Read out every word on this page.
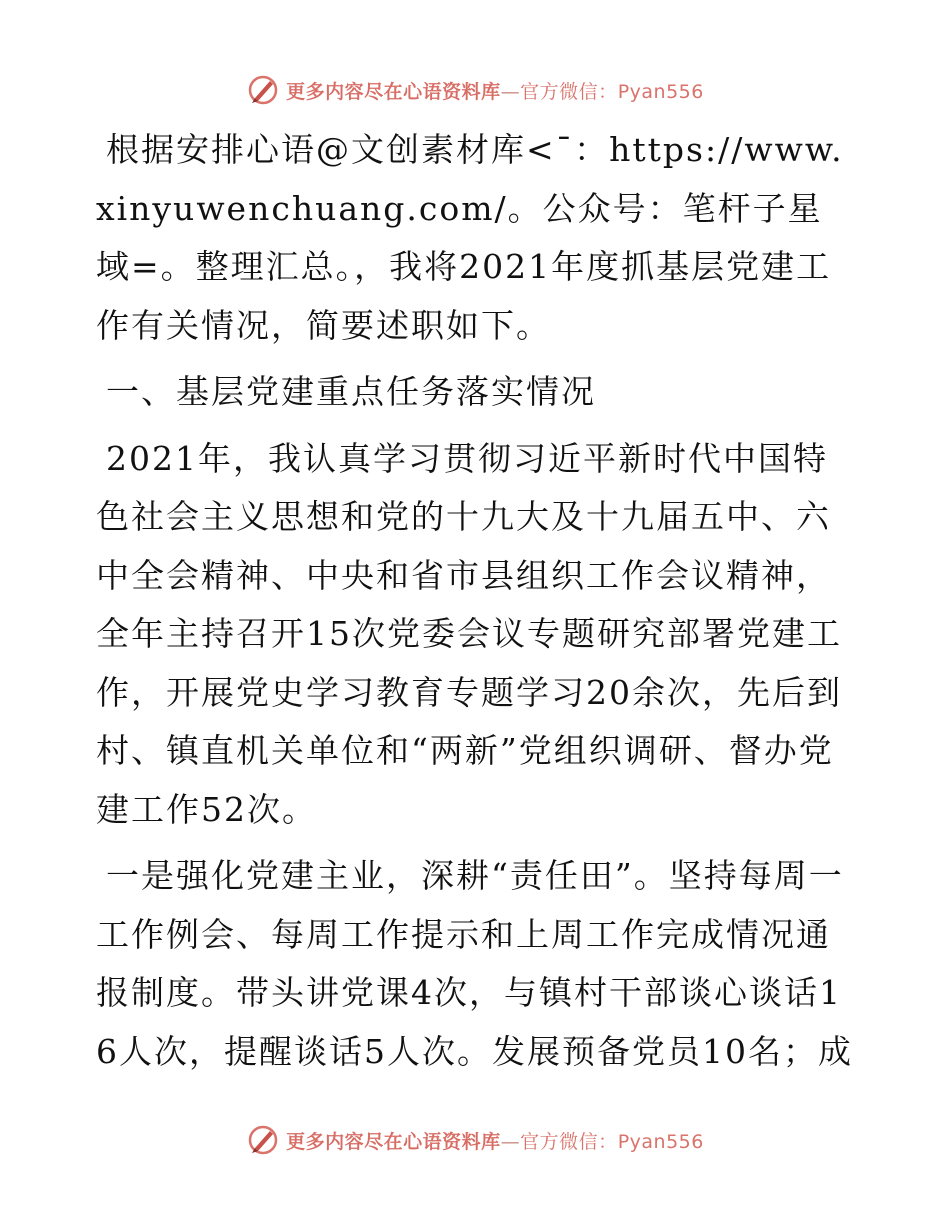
更多内容尽在心语资料库—官方微信：Pyan556

根据安排心语@文创素材库<¯：https://www.xinyuwenchuang.com/。公众号：笔杆子星域=。整理汇总。，我将2021年度抓基层党建工作有关情况，简要述职如下。

一、基层党建重点任务落实情况

2021年，我认真学习贯彻习近平新时代中国特色社会主义思想和党的十九大及十九届五中、六中全会精神、中央和省市县组织工作会议精神，全年主持召开15次党委会议专题研究部署党建工作，开展党史学习教育专题学习20余次，先后到村、镇直机关单位和“两新”党组织调研、督办党建工作52次。

一是强化党建主业，深耕“责任田”。坚持每周一工作例会、每周工作提示和上周工作完成情况通报制度。带头讲党课4次，与镇村干部谈心谈话16人次，提醒谈话5人次。发展预备党员10名；成

更多内容尽在心语资料库—官方微信：Pyan556
